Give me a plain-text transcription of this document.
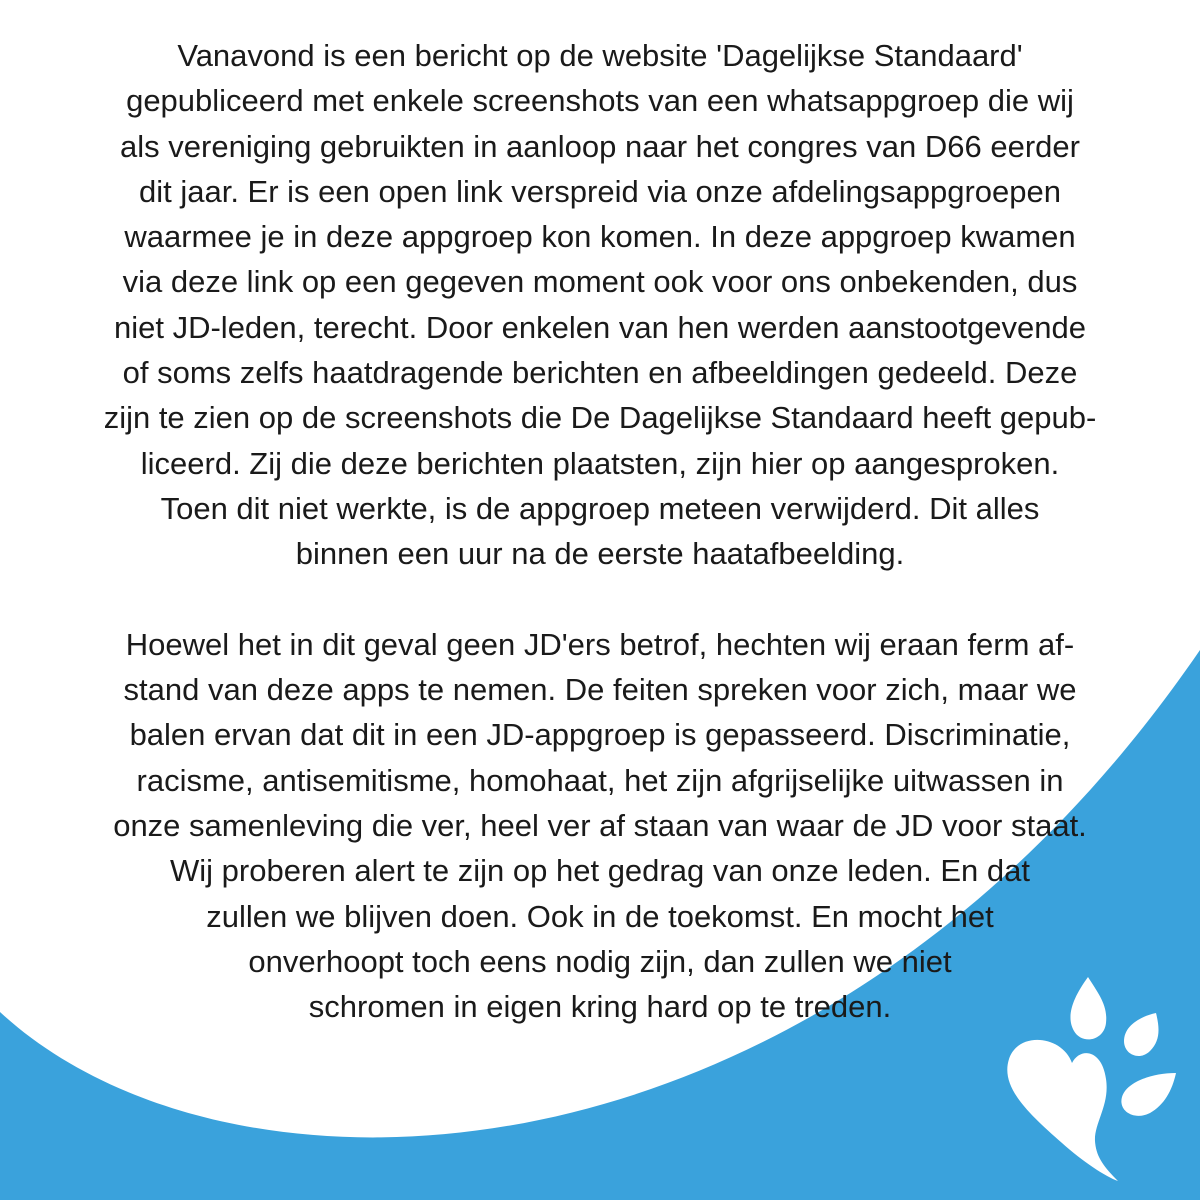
Vanavond is een bericht op de website 'Dagelijkse Standaard'
gepubliceerd met enkele screenshots van een whatsappgroep die wij
als vereniging gebruikten in aanloop naar het congres van D66 eerder
dit jaar. Er is een open link verspreid via onze afdelingsappgroepen
waarmee je in deze appgroep kon komen. In deze appgroep kwamen
via deze link op een gegeven moment ook voor ons onbekenden, dus
niet JD-leden, terecht. Door enkelen van hen werden aanstootgevende
of soms zelfs haatdragende berichten en afbeeldingen gedeeld. Deze
zijn te zien op de screenshots die De Dagelijkse Standaard heeft gepub-
liceerd. Zij die deze berichten plaatsten, zijn hier op aangesproken.
Toen dit niet werkte, is de appgroep meteen verwijderd. Dit alles
binnen een uur na de eerste haatafbeelding.
Hoewel het in dit geval geen JD'ers betrof, hechten wij eraan ferm af-
stand van deze apps te nemen. De feiten spreken voor zich, maar we
balen ervan dat dit in een JD-appgroep is gepasseerd. Discriminatie,
racisme, antisemitisme, homohaat, het zijn afgrijselijke uitwassen in
onze samenleving die ver, heel ver af staan van waar de JD voor staat.
Wij proberen alert te zijn op het gedrag van onze leden. En dat
zullen we blijven doen. Ook in de toekomst. En mocht het
onverhoopt toch eens nodig zijn, dan zullen we niet
schromen in eigen kring hard op te treden.
